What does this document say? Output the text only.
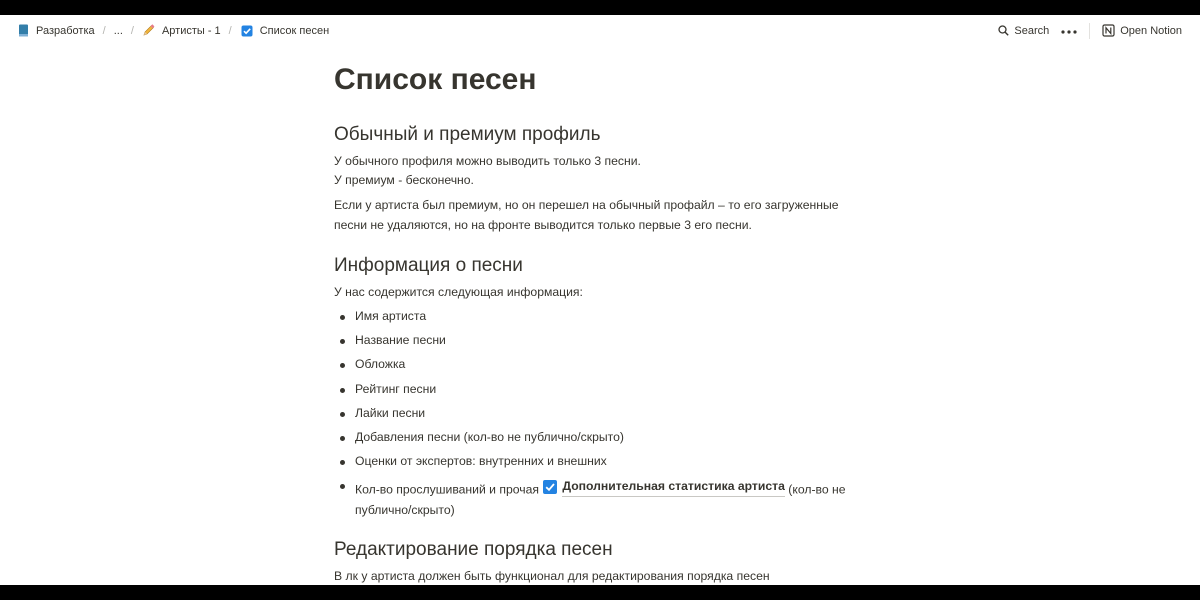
Разработка / ... /	Артисты - 1 /	Список песен	Search	Open Notion
Список песен
Обычный и премиум профиль

У обычного профиля можно выводить только 3 песни.

У премиум - бесконечно.

Если у артиста был премиум, но он перешел на обычный профайл – то его загруженные песни не удаляются, но на фронте выводится только первые 3 его песни.

Информация о песни

У нас содержится следующая информация:

Имя артиста
Название песни
Обложка
Рейтинг песни
Лайки песни
Добавления песни (кол-во не публично/скрыто)
Оценки от экспертов: внутренних и внешних
Кол-во прослушиваний и прочая Дополнительная статистика артиста (кол-во не публично/скрыто)
Редактирование порядка песен

В лк у артиста должен быть функционал для редактирования порядка песен
